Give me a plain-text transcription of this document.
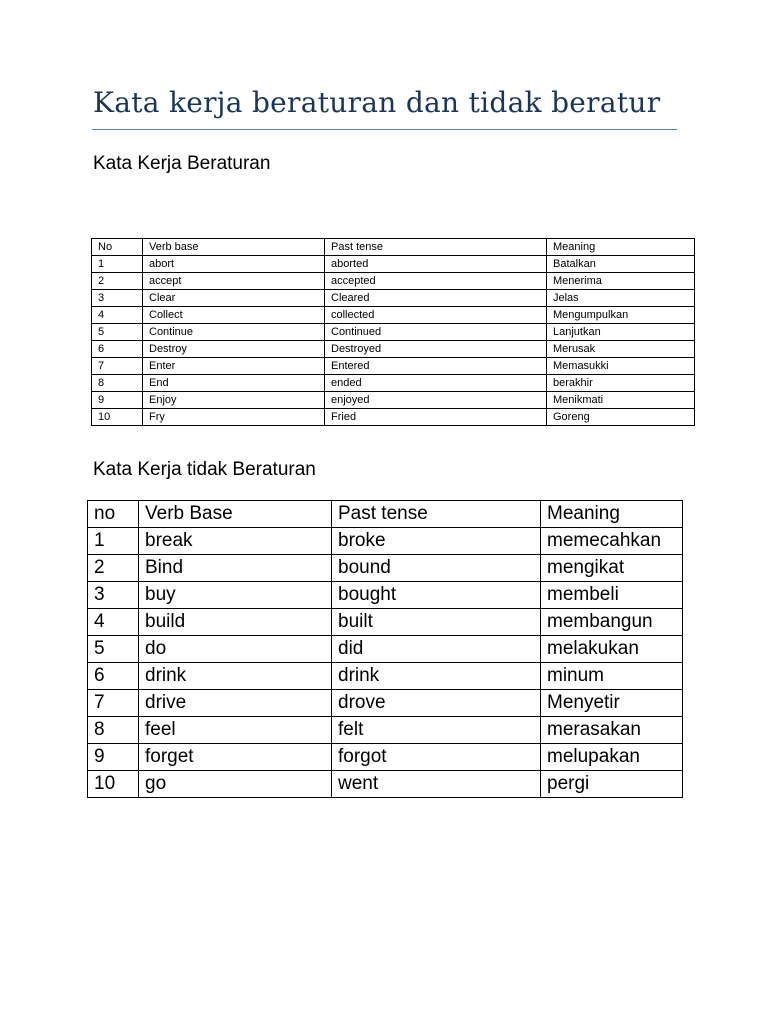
Kata kerja beraturan dan tidak beratur
Kata Kerja Beraturan
No	Verb base	Past tense	Meaning
1	abort	aborted	Batalkan
2	accept	accepted	Menerima
3	Clear	Cleared	Jelas
4	Collect	collected	Mengumpulkan
5	Continue	Continued	Lanjutkan
6	Destroy	Destroyed	Merusak
7	Enter	Entered	Memasukki
8	End	ended	berakhir
9	Enjoy	enjoyed	Menikmati
10	Fry	Fried	Goreng
Kata Kerja tidak Beraturan
no	Verb Base	Past tense	Meaning
1	break	broke	memecahkan
2	Bind	bound	mengikat
3	buy	bought	membeli
4	build	built	membangun
5	do	did	melakukan
6	drink	drink	minum
7	drive	drove	Menyetir
8	feel	felt	merasakan
9	forget	forgot	melupakan
10	go	went	pergi
